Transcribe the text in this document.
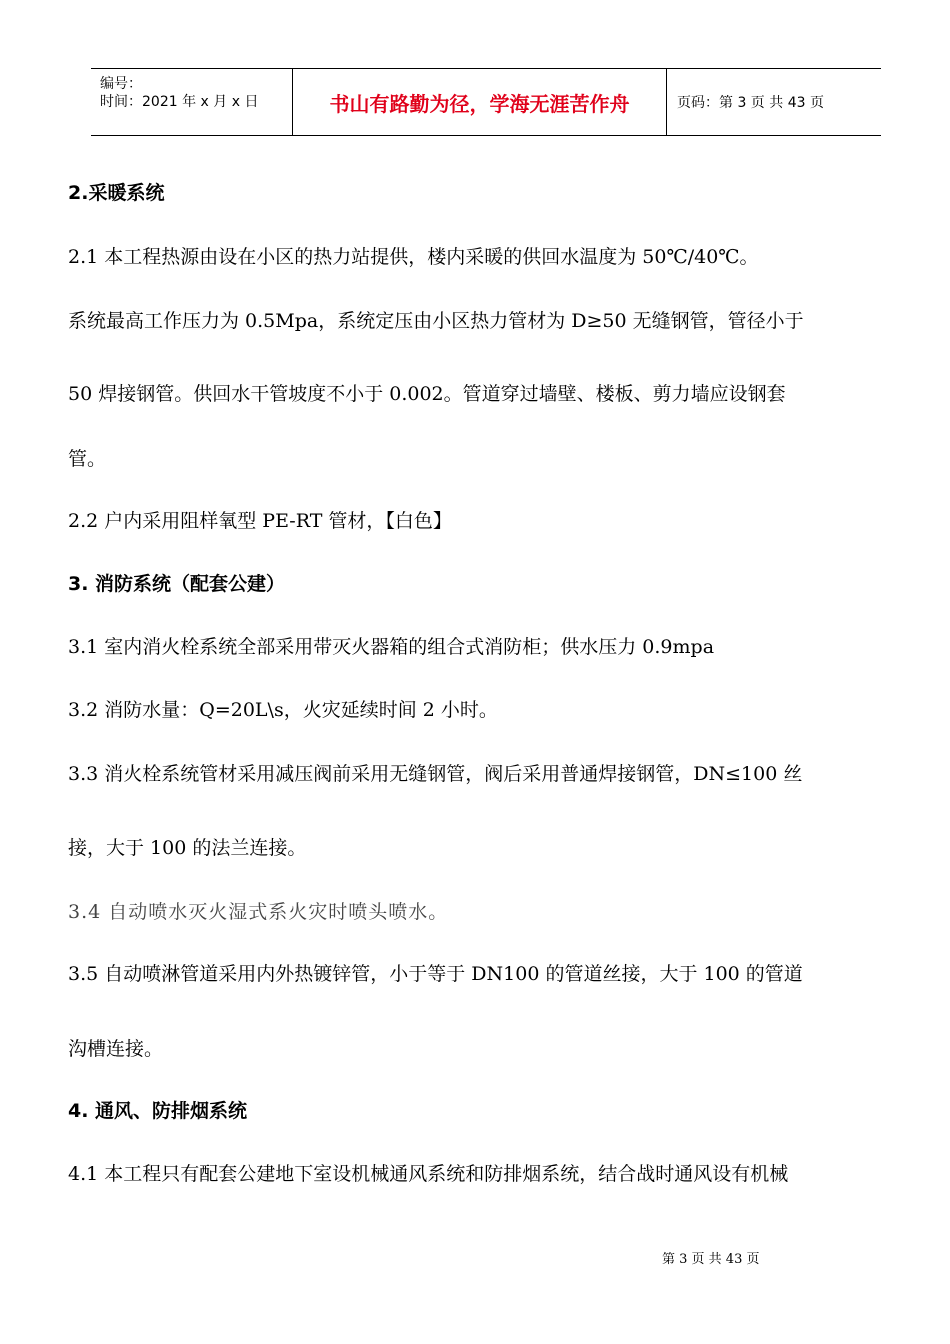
编号：
时间：2021 年 x 月 x 日	书山有路勤为径，学海无涯苦作舟	页码：第 3 页 共 43 页
2.采暖系统
2.1 本工程热源由设在小区的热力站提供，楼内采暖的供回水温度为 50℃/40℃。
系统最高工作压力为 0.5Mpa，系统定压由小区热力管材为 D≥50 无缝钢管，管径小于
50 焊接钢管。供回水干管坡度不小于 0.002。管道穿过墙壁、楼板、剪力墙应设钢套
管。
2.2 户内采用阻样氧型 PE-RT 管材，【白色】
3. 消防系统（配套公建）
3.1 室内消火栓系统全部采用带灭火器箱的组合式消防柜；供水压力 0.9mpa
3.2 消防水量：Q=20L\s，火灾延续时间 2 小时。
3.3 消火栓系统管材采用减压阀前采用无缝钢管，阀后采用普通焊接钢管，DN≤100 丝
接，大于 100 的法兰连接。
3.4 自动喷水灭火湿式系火灾时喷头喷水。
3.5 自动喷淋管道采用内外热镀锌管，小于等于 DN100 的管道丝接，大于 100 的管道
沟槽连接。
4. 通风、防排烟系统
4.1 本工程只有配套公建地下室设机械通风系统和防排烟系统，结合战时通风设有机械
第 3 页 共 43 页
